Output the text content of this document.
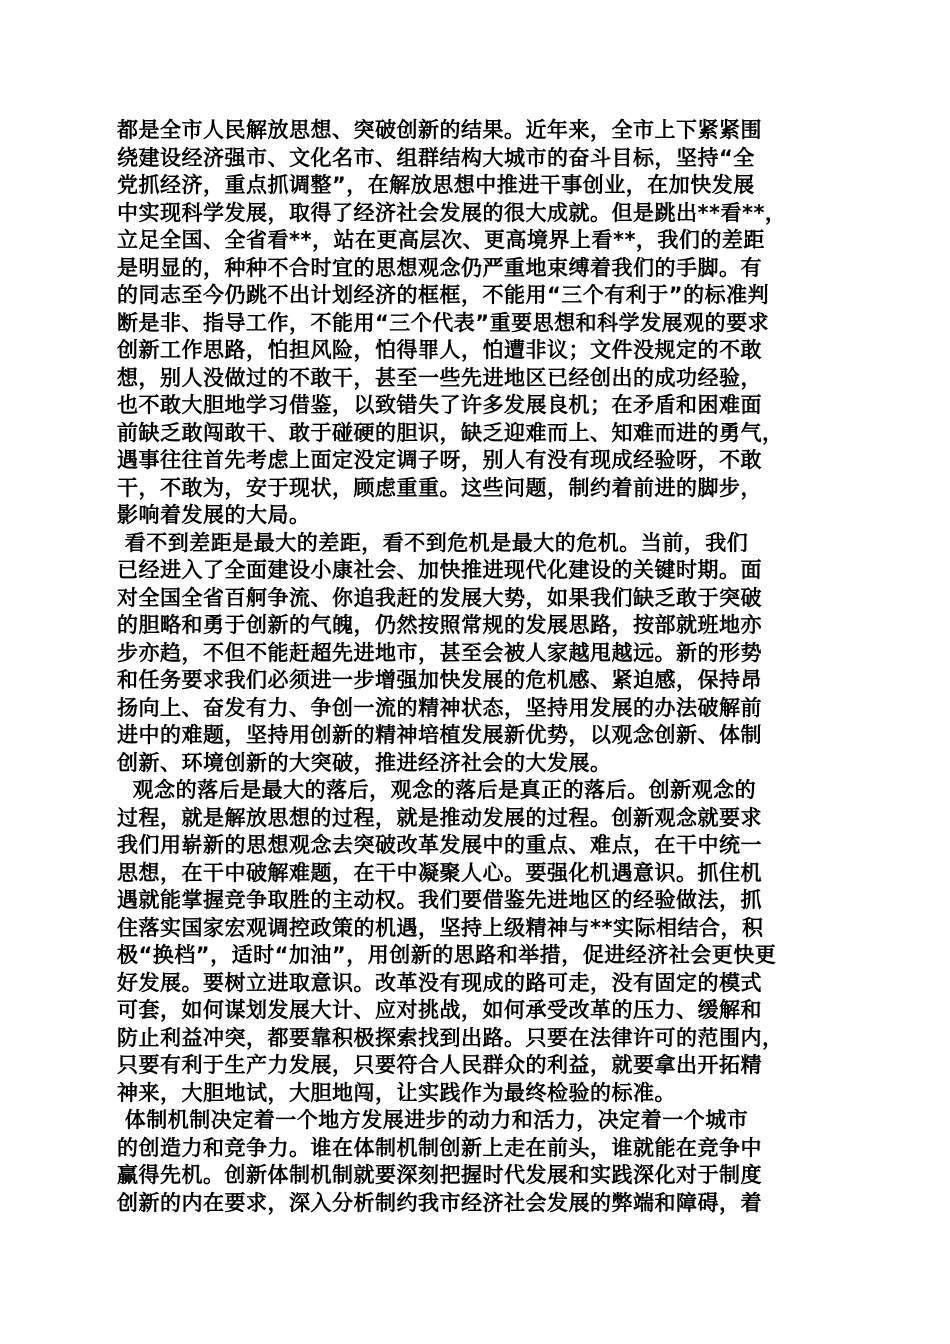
都是全市人民解放思想、突破创新的结果。近年来，全市上下紧紧围
绕建设经济强市、文化名市、组群结构大城市的奋斗目标，坚持“全
党抓经济，重点抓调整”，在解放思想中推进干事创业，在加快发展
中实现科学发展，取得了经济社会发展的很大成就。但是跳出**看**，
立足全国、全省看**，站在更高层次、更高境界上看**，我们的差距
是明显的，种种不合时宜的思想观念仍严重地束缚着我们的手脚。有
的同志至今仍跳不出计划经济的框框，不能用“三个有利于”的标准判
断是非、指导工作，不能用“三个代表”重要思想和科学发展观的要求
创新工作思路，怕担风险，怕得罪人，怕遭非议；文件没规定的不敢
想，别人没做过的不敢干，甚至一些先进地区已经创出的成功经验，
也不敢大胆地学习借鉴，以致错失了许多发展良机；在矛盾和困难面
前缺乏敢闯敢干、敢于碰硬的胆识，缺乏迎难而上、知难而进的勇气，
遇事往往首先考虑上面定没定调子呀，别人有没有现成经验呀，不敢
干，不敢为，安于现状，顾虑重重。这些问题，制约着前进的脚步，
影响着发展的大局。
看不到差距是最大的差距，看不到危机是最大的危机。当前，我们
已经进入了全面建设小康社会、加快推进现代化建设的关键时期。面
对全国全省百舸争流、你追我赶的发展大势，如果我们缺乏敢于突破
的胆略和勇于创新的气魄，仍然按照常规的发展思路，按部就班地亦
步亦趋，不但不能赶超先进地市，甚至会被人家越甩越远。新的形势
和任务要求我们必须进一步增强加快发展的危机感、紧迫感，保持昂
扬向上、奋发有力、争创一流的精神状态，坚持用发展的办法破解前
进中的难题，坚持用创新的精神培植发展新优势，以观念创新、体制
创新、环境创新的大突破，推进经济社会的大发展。
观念的落后是最大的落后，观念的落后是真正的落后。创新观念的
过程，就是解放思想的过程，就是推动发展的过程。创新观念就要求
我们用崭新的思想观念去突破改革发展中的重点、难点，在干中统一
思想，在干中破解难题，在干中凝聚人心。要强化机遇意识。抓住机
遇就能掌握竞争取胜的主动权。我们要借鉴先进地区的经验做法，抓
住落实国家宏观调控政策的机遇，坚持上级精神与**实际相结合，积
极“换档”，适时“加油”，用创新的思路和举措，促进经济社会更快更
好发展。要树立进取意识。改革没有现成的路可走，没有固定的模式
可套，如何谋划发展大计、应对挑战，如何承受改革的压力、缓解和
防止利益冲突，都要靠积极探索找到出路。只要在法律许可的范围内，
只要有利于生产力发展，只要符合人民群众的利益，就要拿出开拓精
神来，大胆地试，大胆地闯，让实践作为最终检验的标准。
体制机制决定着一个地方发展进步的动力和活力，决定着一个城市
的创造力和竞争力。谁在体制机制创新上走在前头，谁就能在竞争中
赢得先机。创新体制机制就要深刻把握时代发展和实践深化对于制度
创新的内在要求，深入分析制约我市经济社会发展的弊端和障碍，着
